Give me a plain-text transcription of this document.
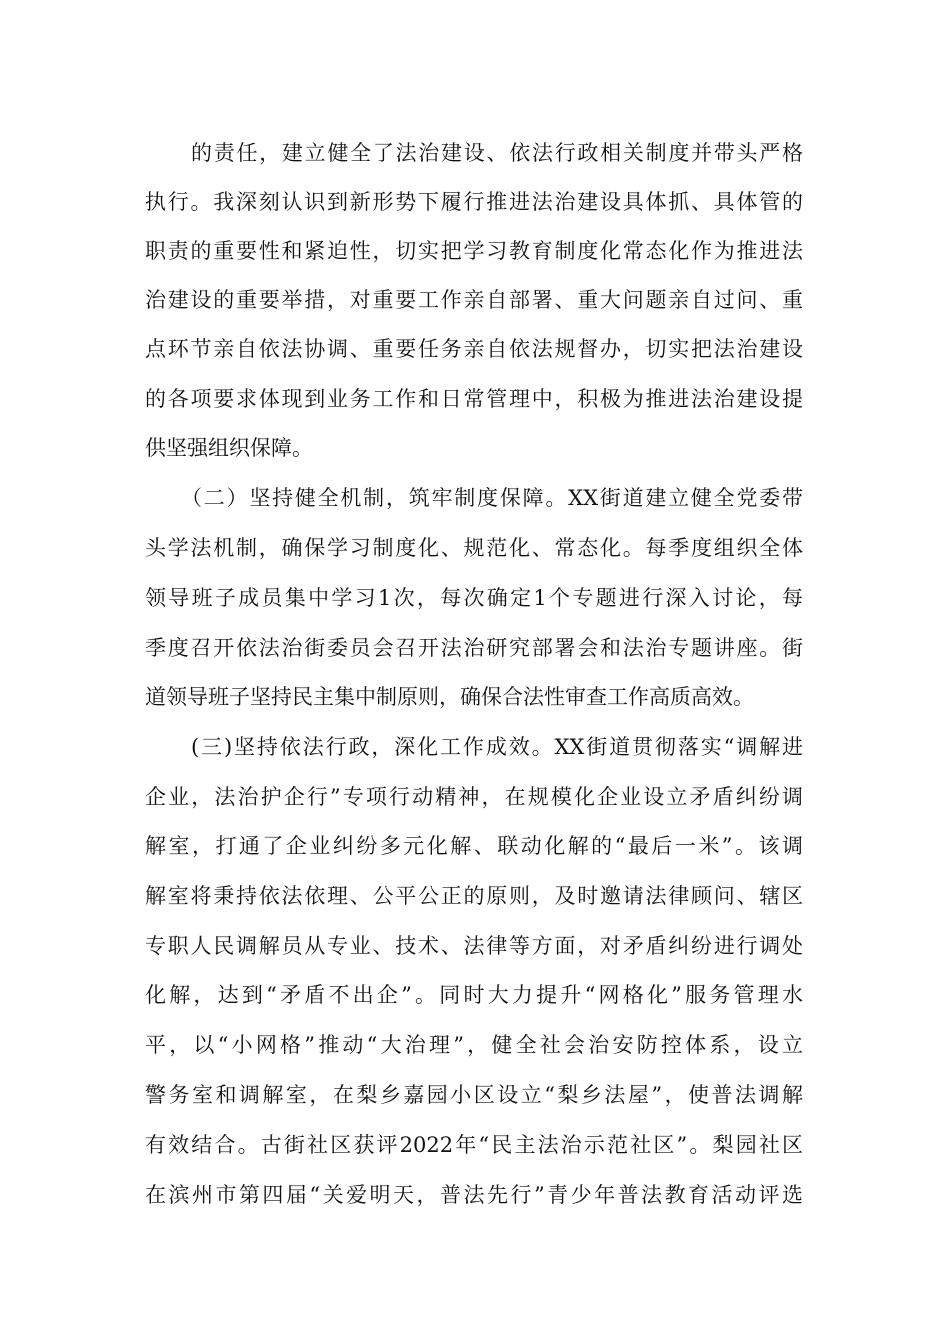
的责任，建立健全了法治建设、依法行政相关制度并带头严格
执行。我深刻认识到新形势下履行推进法治建设具体抓、具体管的
职责的重要性和紧迫性，切实把学习教育制度化常态化作为推进法
治建设的重要举措，对重要工作亲自部署、重大问题亲自过问、重
点环节亲自依法协调、重要任务亲自依法规督办，切实把法治建设
的各项要求体现到业务工作和日常管理中，积极为推进法治建设提
供坚强组织保障。
（二）坚持健全机制，筑牢制度保障。XX街道建立健全党委带
头学法机制，确保学习制度化、规范化、常态化。每季度组织全体
领导班子成员集中学习1次，每次确定1个专题进行深入讨论，每
季度召开依法治街委员会召开法治研究部署会和法治专题讲座。街
道领导班子坚持民主集中制原则，确保合法性审查工作高质高效。
(三)坚持依法行政，深化工作成效。XX街道贯彻落实“调解进
企业，法治护企行”专项行动精神，在规模化企业设立矛盾纠纷调
解室，打通了企业纠纷多元化解、联动化解的“最后一米”。该调
解室将秉持依法依理、公平公正的原则，及时邀请法律顾问、辖区
专职人民调解员从专业、技术、法律等方面，对矛盾纠纷进行调处
化解，达到“矛盾不出企”。同时大力提升“网格化”服务管理水
平，以“小网格”推动“大治理”，健全社会治安防控体系，设立
警务室和调解室，在梨乡嘉园小区设立“梨乡法屋”，使普法调解
有效结合。古街社区获评2022年“民主法治示范社区”。梨园社区
在滨州市第四届“关爱明天，普法先行”青少年普法教育活动评选
